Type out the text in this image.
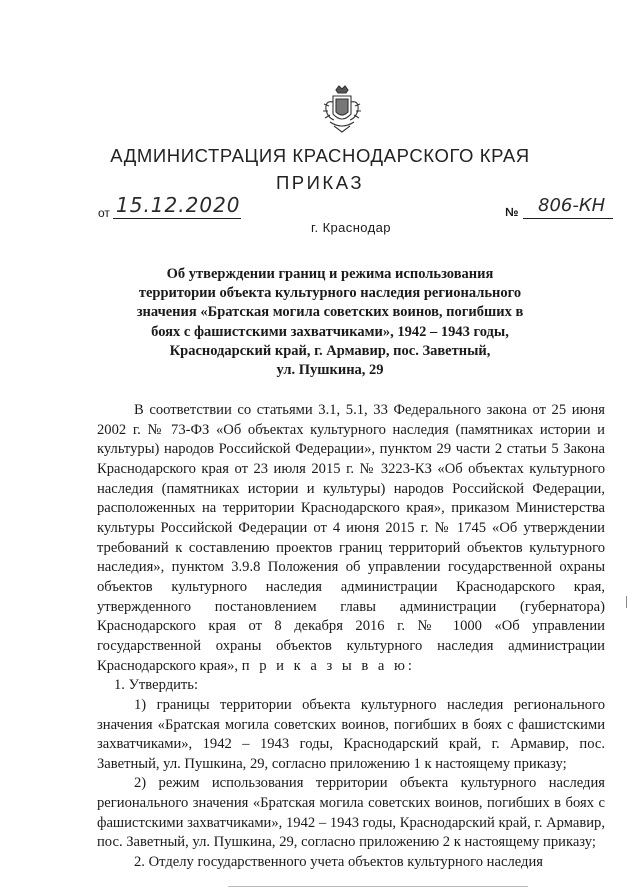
АДМИНИСТРАЦИЯ КРАСНОДАРСКОГО КРАЯ
ПРИКАЗ
от 15.12.2020	№ 806-КН
г. Краснодар
Об утверждении границ и режима использования
территории объекта культурного наследия регионального
значения «Братская могила советских воинов, погибших в
боях с фашистскими захватчиками», 1942 – 1943 годы,
Краснодарский край, г. Армавир, пос. Заветный,
ул. Пушкина, 29

В соответствии со статьями 3.1, 5.1, 33 Федерального закона от 25 июня 2002 г. № 73-ФЗ «Об объектах культурного наследия (памятниках истории и культуры) народов Российской Федерации», пунктом 29 части 2 статьи 5 Закона Краснодарского края от 23 июля 2015 г. № 3223-КЗ «Об объектах культурного наследия (памятниках истории и культуры) народов Российской Федерации, расположенных на территории Краснодарского края», приказом Министерства культуры Российской Федерации от 4 июня 2015 г. № 1745 «Об утверждении требований к составлению проектов границ территорий объектов культурного наследия», пунктом 3.9.8 Положения об управлении государственной охраны объектов культурного наследия администрации Краснодарского края, утвержденного постановлением главы администрации (губернатора) Краснодарского края от 8 декабря 2016 г. № 1000 «Об управлении государственной охраны объектов культурного наследия администрации Краснодарского края», п р и к а з ы в а ю:

1. Утвердить:

1) границы территории объекта культурного наследия регионального значения «Братская могила советских воинов, погибших в боях с фашистскими захватчиками», 1942 – 1943 годы, Краснодарский край, г. Армавир, пос. Заветный, ул. Пушкина, 29, согласно приложению 1 к настоящему приказу;

2) режим использования территории объекта культурного наследия регионального значения «Братская могила советских воинов, погибших в боях с фашистскими захватчиками», 1942 – 1943 годы, Краснодарский край, г. Армавир, пос. Заветный, ул. Пушкина, 29, согласно приложению 2 к настоящему приказу;

2. Отделу государственного учета объектов культурного наследия
